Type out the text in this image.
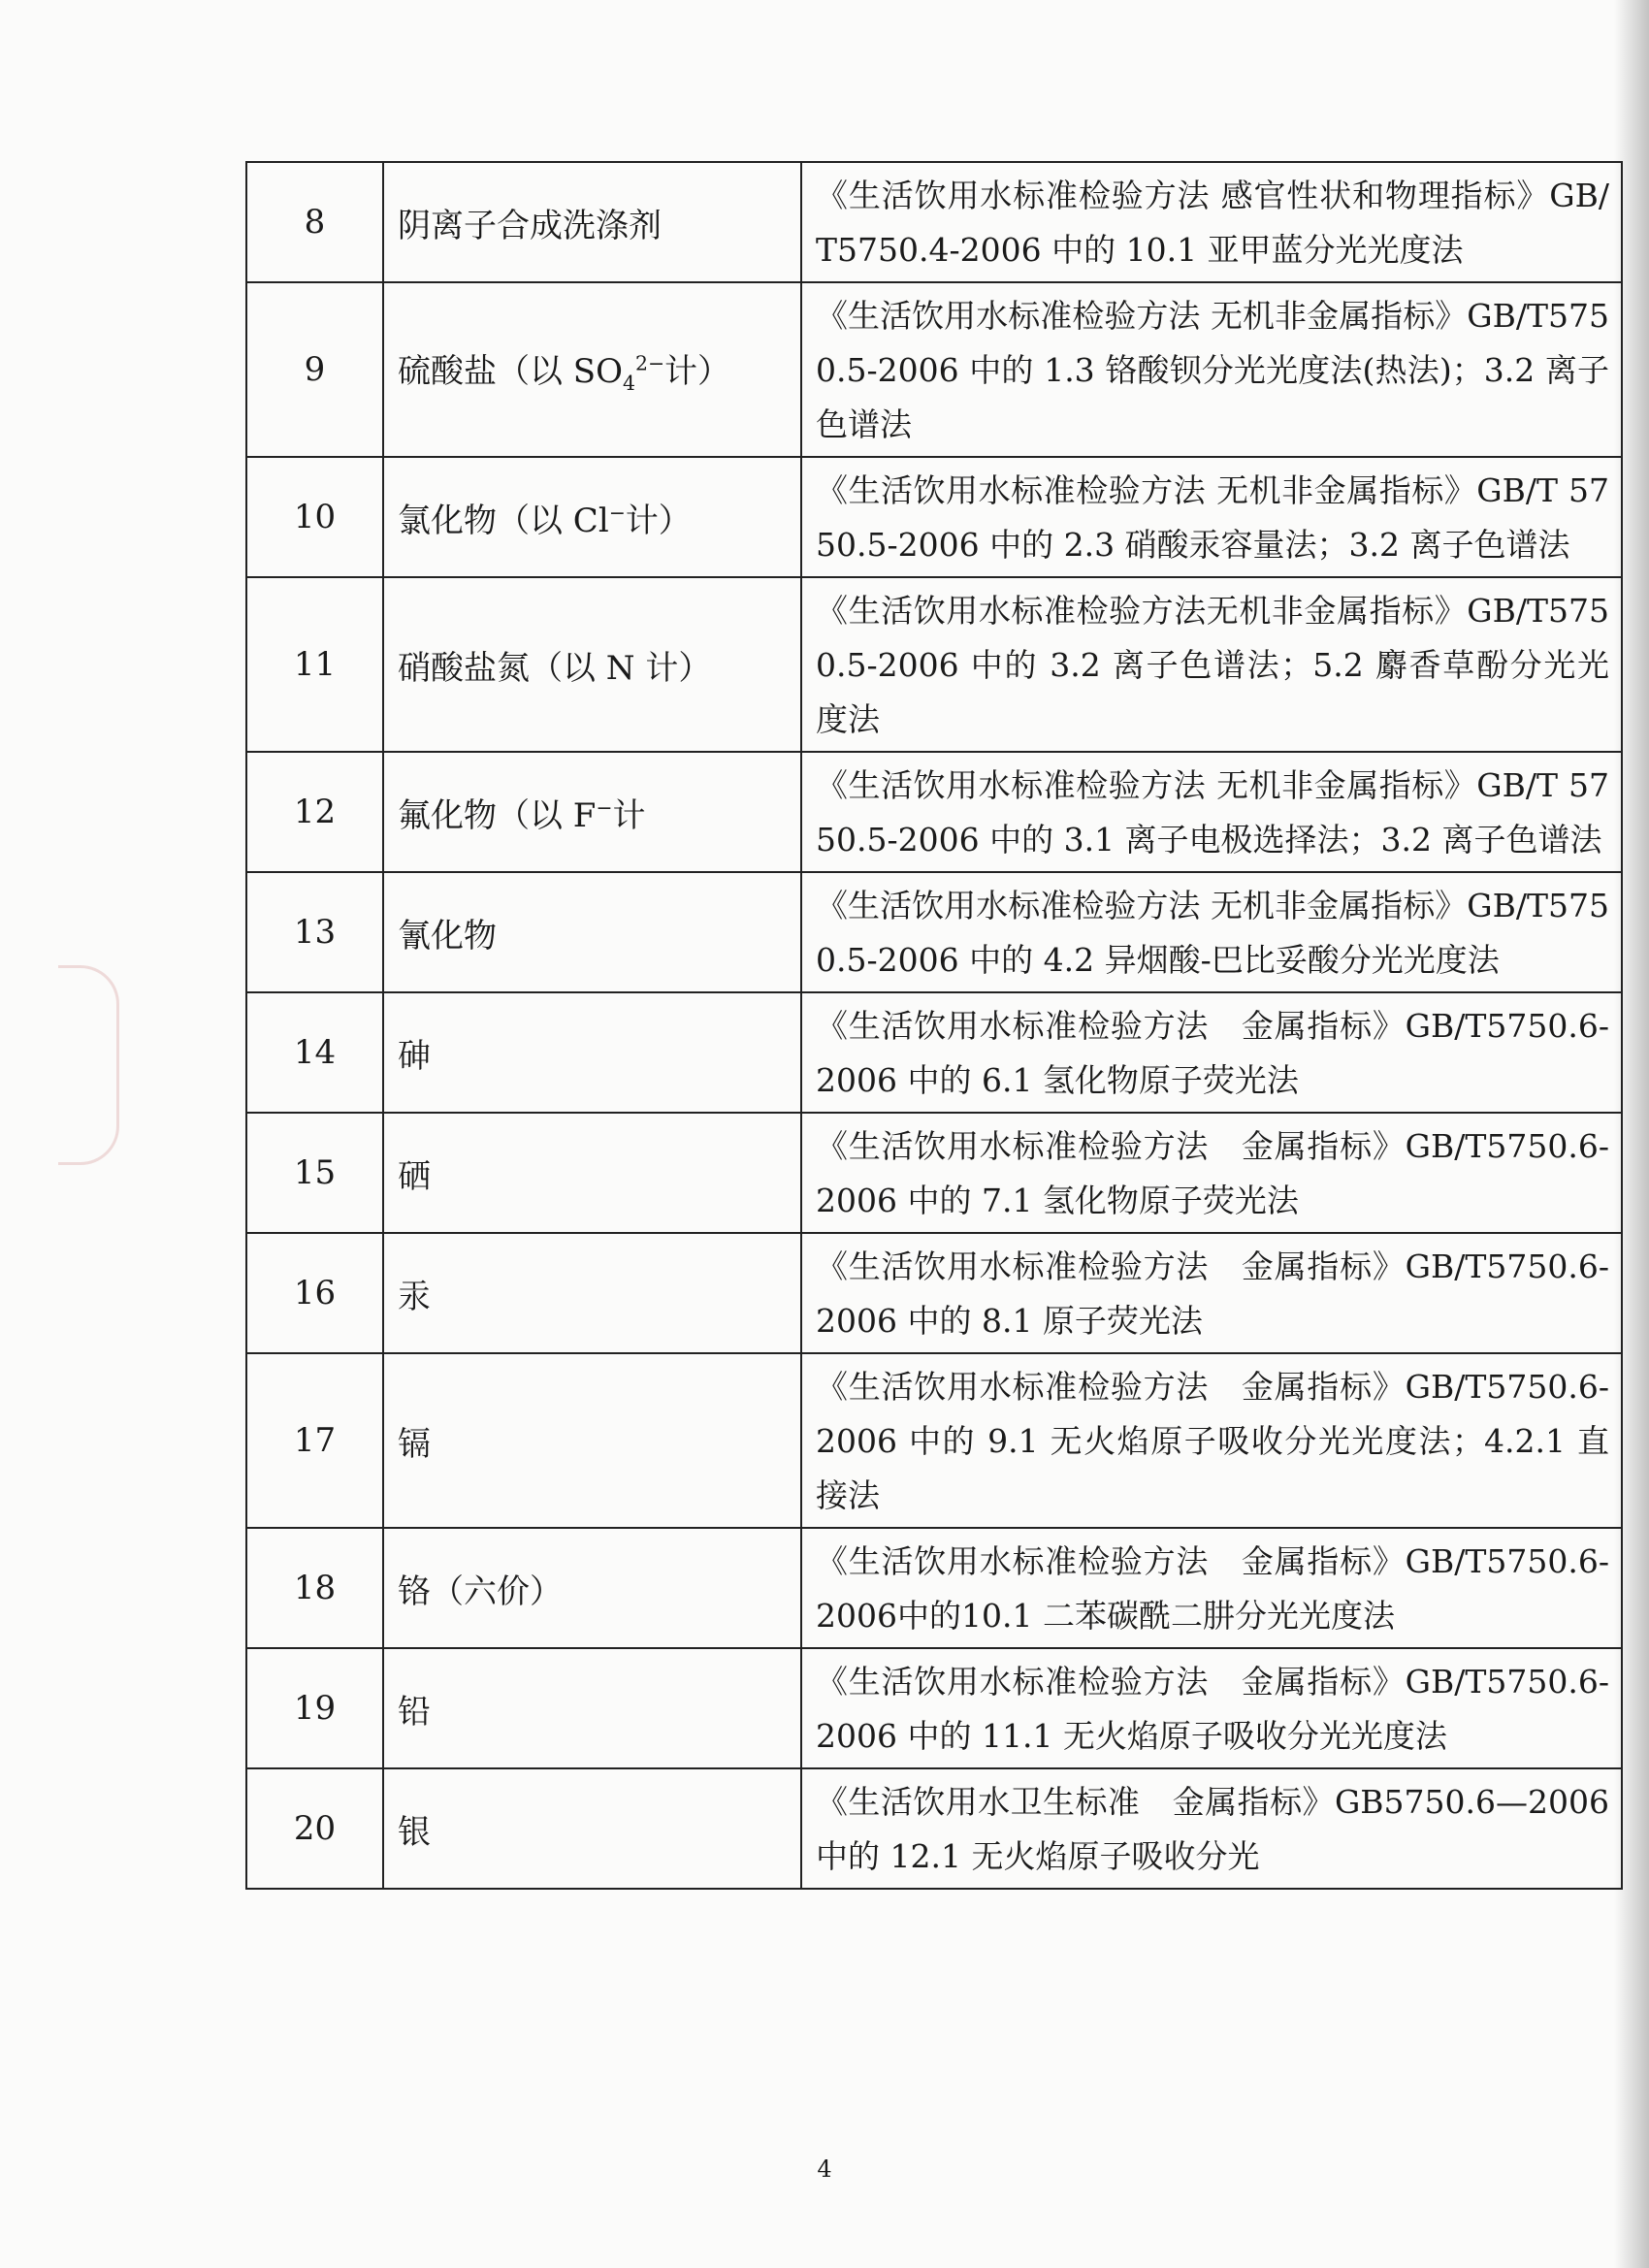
8	阴离子合成洗涤剂	《生活饮用水标准检验方法 感官性状和物理指标》GB/T5750.4-2006 中的 10.1 亚甲蓝分光光度法
9	硫酸盐（以 $SO_4^{2-}$计）	《生活饮用水标准检验方法 无机非金属指标》GB/T5750.5-2006 中的 1.3 铬酸钡分光光度法(热法)；3.2 离子色谱法
10	氯化物（以 Cl−计）	《生活饮用水标准检验方法 无机非金属指标》GB/T 5750.5-2006 中的 2.3 硝酸汞容量法；3.2 离子色谱法
11	硝酸盐氮（以 N 计）	《生活饮用水标准检验方法无机非金属指标》GB/T5750.5-2006 中的 3.2 离子色谱法；5.2 麝香草酚分光光度法
12	氟化物（以 F−计	《生活饮用水标准检验方法 无机非金属指标》GB/T 5750.5-2006 中的 3.1 离子电极选择法；3.2 离子色谱法
13	氰化物	《生活饮用水标准检验方法 无机非金属指标》GB/T5750.5-2006 中的 4.2 异烟酸-巴比妥酸分光光度法
14	砷	《生活饮用水标准检验方法　金属指标》GB/T5750.6-2006 中的 6.1 氢化物原子荧光法
15	硒	《生活饮用水标准检验方法　金属指标》GB/T5750.6-2006 中的 7.1 氢化物原子荧光法
16	汞	《生活饮用水标准检验方法　金属指标》GB/T5750.6-2006 中的 8.1 原子荧光法
17	镉	《生活饮用水标准检验方法　金属指标》GB/T5750.6-2006 中的 9.1 无火焰原子吸收分光光度法；4.2.1 直接法
18	铬（六价）	《生活饮用水标准检验方法　金属指标》GB/T5750.6-2006中的10.1 二苯碳酰二肼分光光度法
19	铅	《生活饮用水标准检验方法　金属指标》GB/T5750.6-2006 中的 11.1 无火焰原子吸收分光光度法
20	银	《生活饮用水卫生标准　金属指标》GB5750.6—2006 中的 12.1 无火焰原子吸收分光
4
